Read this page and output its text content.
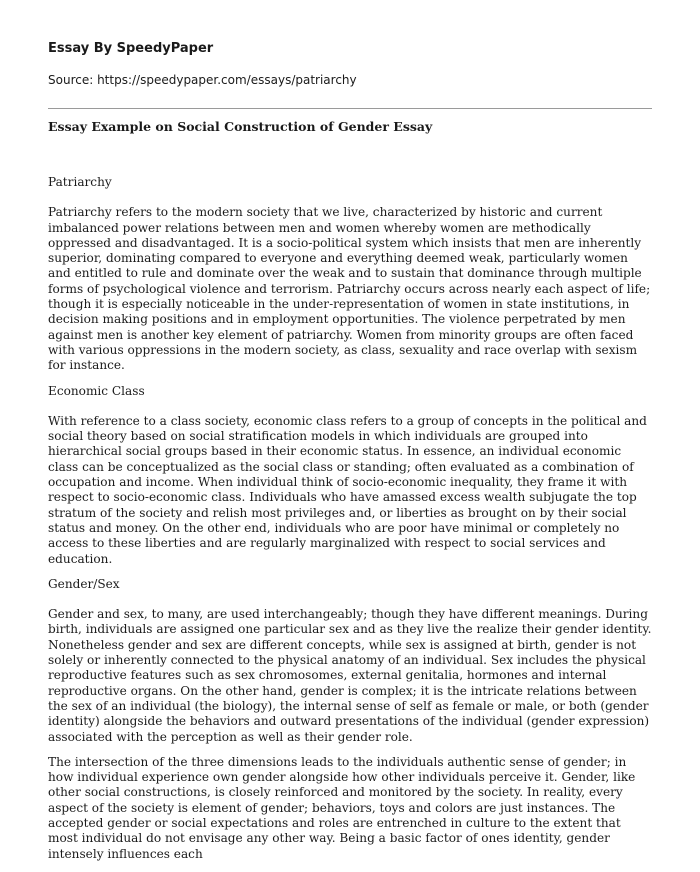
Essay By SpeedyPaper

Source: https://speedypaper.com/essays/patriarchy

Essay Example on Social Construction of Gender Essay

Patriarchy

Patriarchy refers to the modern society that we live, characterized by historic and current imbalanced power relations between men and women whereby women are methodically oppressed and disadvantaged. It is a socio-political system which insists that men are inherently superior, dominating compared to everyone and everything deemed weak, particularly women and entitled to rule and dominate over the weak and to sustain that dominance through multiple forms of psychological violence and terrorism. Patriarchy occurs across nearly each aspect of life; though it is especially noticeable in the under-representation of women in state institutions, in decision making positions and in employment opportunities. The violence perpetrated by men against men is another key element of patriarchy. Women from minority groups are often faced with various oppressions in the modern society, as class, sexuality and race overlap with sexism for instance.

Economic Class

With reference to a class society, economic class refers to a group of concepts in the political and social theory based on social stratification models in which individuals are grouped into hierarchical social groups based in their economic status. In essence, an individual economic class can be conceptualized as the social class or standing; often evaluated as a combination of occupation and income. When individual think of socio-economic inequality, they frame it with respect to socio-economic class. Individuals who have amassed excess wealth subjugate the top stratum of the society and relish most privileges and, or liberties as brought on by their social status and money. On the other end, individuals who are poor have minimal or completely no access to these liberties and are regularly marginalized with respect to social services and education.

Gender/Sex

Gender and sex, to many, are used interchangeably; though they have different meanings. During birth, individuals are assigned one particular sex and as they live the realize their gender identity. Nonetheless gender and sex are different concepts, while sex is assigned at birth, gender is not solely or inherently connected to the physical anatomy of an individual. Sex includes the physical reproductive features such as sex chromosomes, external genitalia, hormones and internal reproductive organs. On the other hand, gender is complex; it is the intricate relations between the sex of an individual (the biology), the internal sense of self as female or male, or both (gender identity) alongside the behaviors and outward presentations of the individual (gender expression) associated with the perception as well as their gender role.

The intersection of the three dimensions leads to the individuals authentic sense of gender; in how individual experience own gender alongside how other individuals perceive it. Gender, like other social constructions, is closely reinforced and monitored by the society. In reality, every aspect of the society is element of gender; behaviors, toys and colors are just instances. The accepted gender or social expectations and roles are entrenched in culture to the extent that most individual do not envisage any other way. Being a basic factor of ones identity, gender intensely influences each
